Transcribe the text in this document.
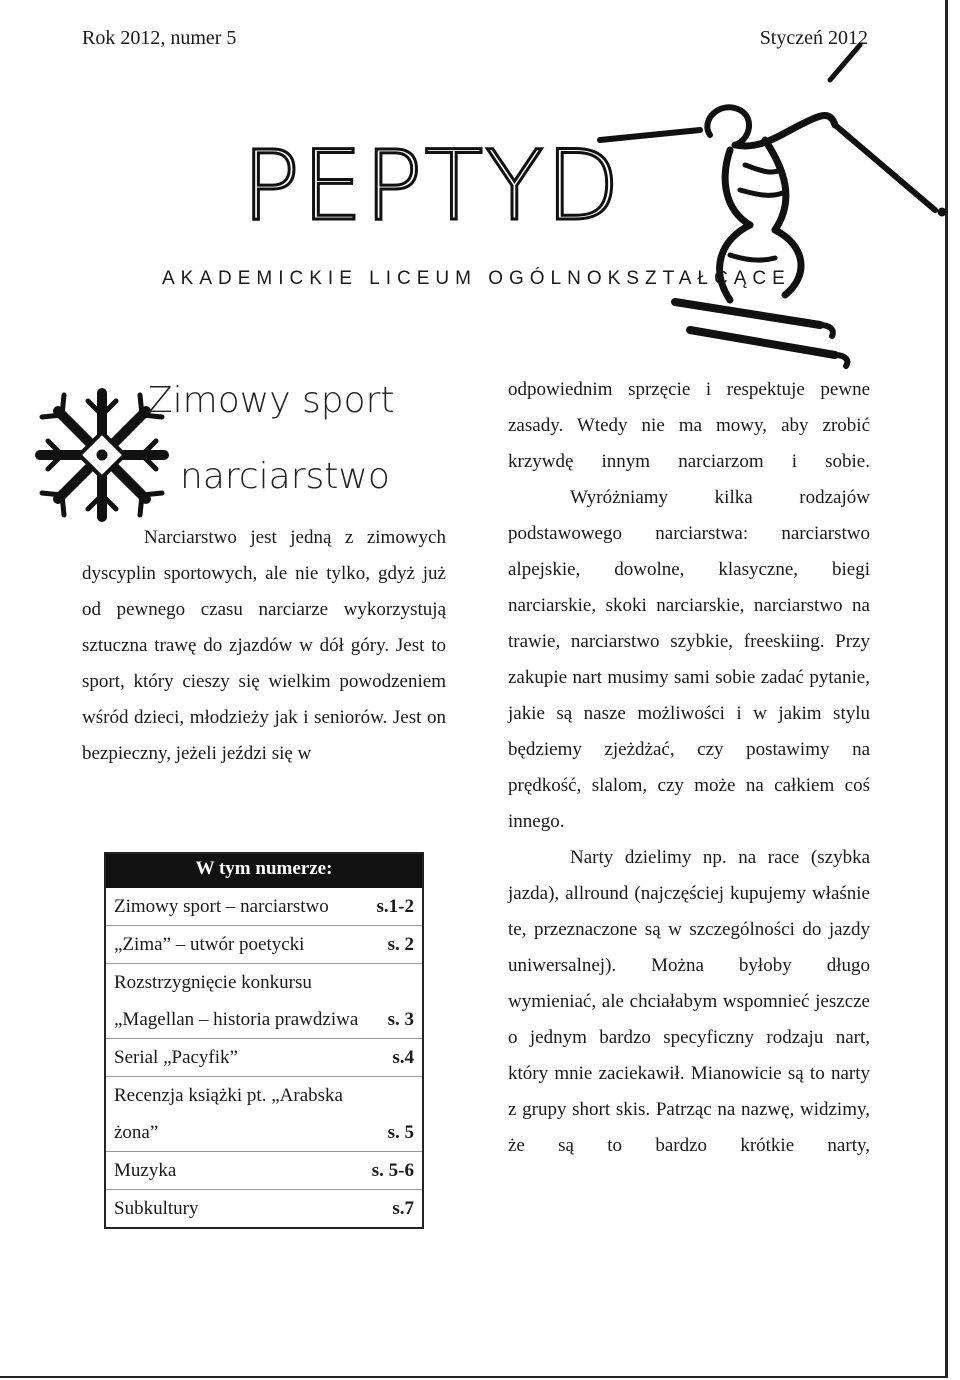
Rok 2012, numer 5	Styczeń 2012
PEPTYD
AKADEMICKIE LICEUM OGÓLNOKSZTAŁCĄCE
Zimowy sport
narciarstwo

Narciarstwo jest jedną z zimowych dyscyplin sportowych, ale nie tylko, gdyż już od pewnego czasu narciarze wykorzystują sztuczna trawę do zjazdów w dół góry. Jest to sport, który cieszy się wielkim powodzeniem wśród dzieci, młodzieży jak i seniorów. Jest on bezpieczny, jeżeli jeździ się w

odpowiednim sprzęcie i respektuje pewne zasady. Wtedy nie ma mowy, aby zrobić krzywdę innym narciarzom i sobie.

Wyróżniamy kilka rodzajów podstawowego narciarstwa: narciarstwo alpejskie, dowolne, klasyczne, biegi narciarskie, skoki narciarskie, narciarstwo na trawie, narciarstwo szybkie, freeskiing. Przy zakupie nart musimy sami sobie zadać pytanie, jakie są nasze możliwości i w jakim stylu będziemy zjeżdżać, czy postawimy na prędkość, slalom, czy może na całkiem coś innego.

Narty dzielimy np. na race (szybka jazda), allround (najczęściej kupujemy właśnie te, przeznaczone są w szczególności do jazdy uniwersalnej). Można byłoby długo wymieniać, ale chciałabym wspomnieć jeszcze o jednym bardzo specyficzny rodzaju nart, który mnie zaciekawił. Mianowicie są to narty z grupy short skis. Patrząc na nazwę, widzimy, że są to bardzo krótkie narty,

W tym numerze:
Zimowy sport – narciarstwo	s.1-2
„Zima” – utwór poetycki	s. 2
Rozstrzygnięcie konkursu
„Magellan – historia prawdziwa s. 3
Serial „Pacyfik”	s.4
Recenzja książki pt. „Arabska
żona”	s. 5
Muzyka	s. 5-6
Subkultury	s.7
